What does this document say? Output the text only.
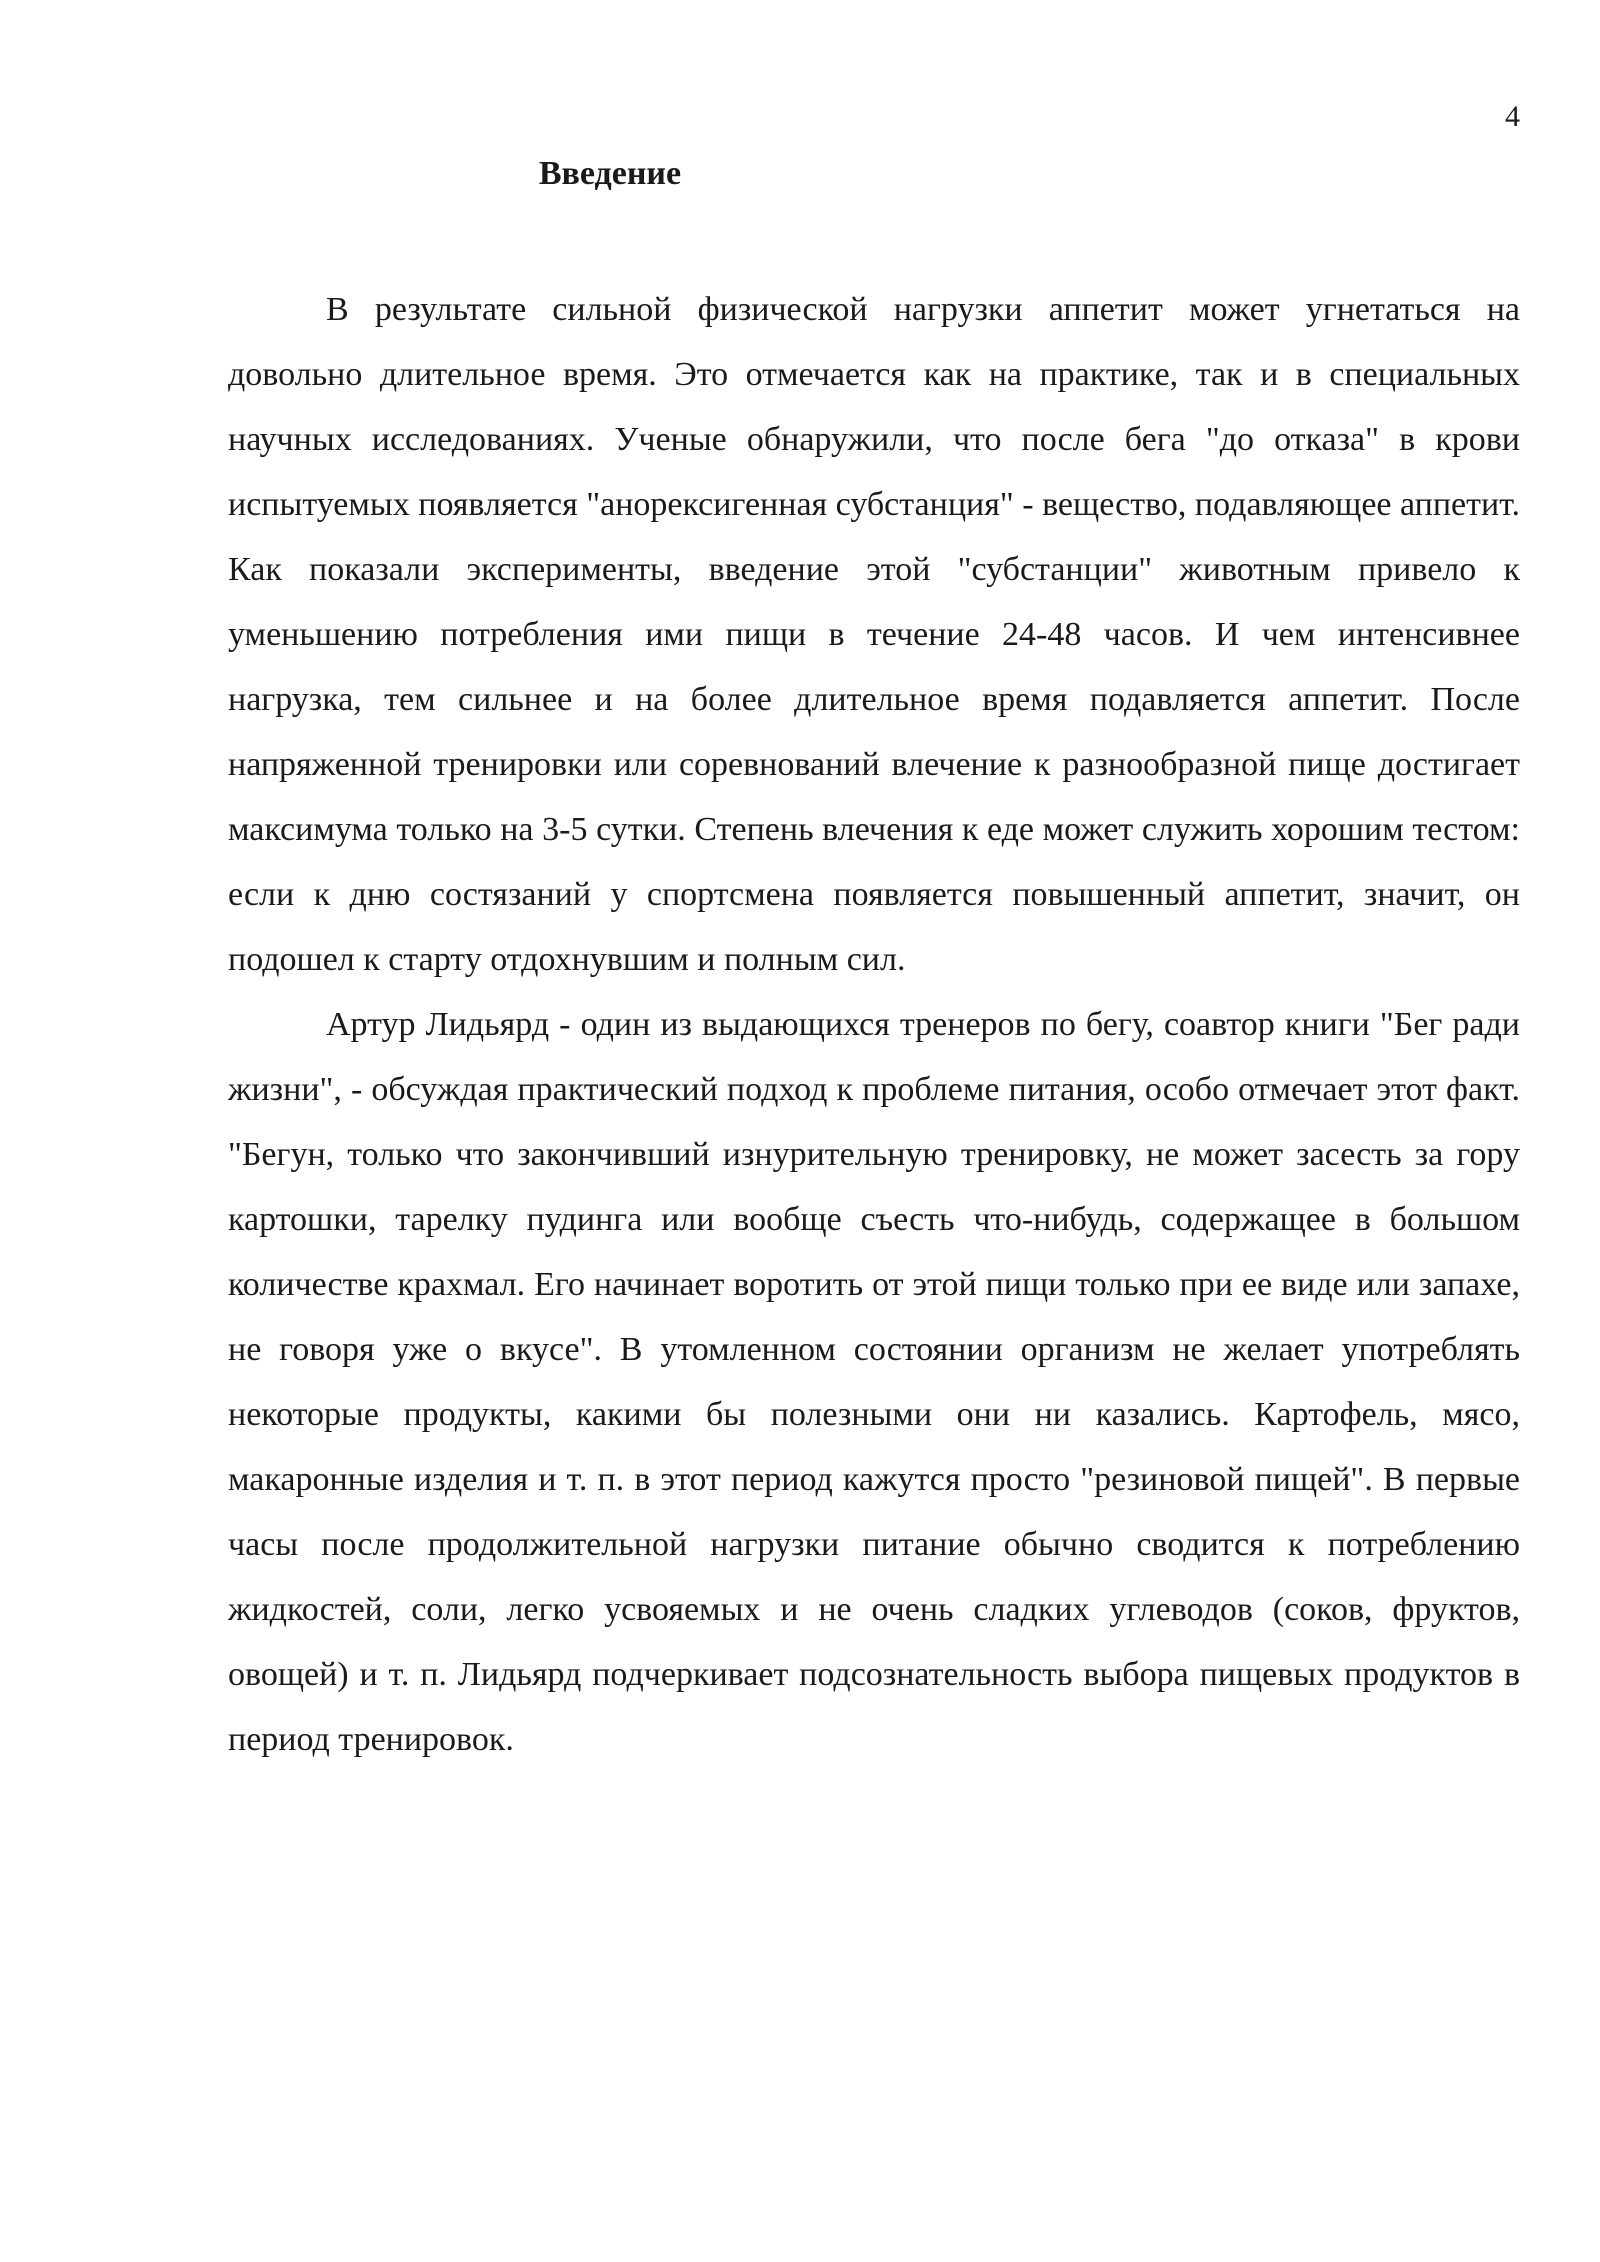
4
Введение

В результате сильной физической нагрузки аппетит может угнетаться на довольно длительное время. Это отмечается как на практике, так и в специальных научных исследованиях. Ученые обнаружили, что после бега "до отказа" в крови испытуемых появляется "анорексигенная субстанция" - вещество, подавляющее аппетит. Как показали эксперименты, введение этой "субстанции" животным привело к уменьшению потребления ими пищи в течение 24-48 часов. И чем интенсивнее нагрузка, тем сильнее и на более длительное время подавляется аппетит. После напряженной тренировки или соревнований влечение к разнообразной пище достигает максимума только на 3-5 сутки. Степень влечения к еде может служить хорошим тестом: если к дню состязаний у спортсмена появляется повышенный аппетит, значит, он подошел к старту отдохнувшим и полным сил.

Артур Лидьярд - один из выдающихся тренеров по бегу, соавтор книги "Бег ради жизни", - обсуждая практический подход к проблеме питания, особо отмечает этот факт. "Бегун, только что закончивший изнурительную тренировку, не может засесть за гору картошки, тарелку пудинга или вообще съесть что-нибудь, содержащее в большом количестве крахмал. Его начинает воротить от этой пищи только при ее виде или запахе, не говоря уже о вкусе". В утомленном состоянии организм не желает употреблять некоторые продукты, какими бы полезными они ни казались. Картофель, мясо, макаронные изделия и т. п. в этот период кажутся просто "резиновой пищей". В первые часы после продолжительной нагрузки питание обычно сводится к потреблению жидкостей, соли, легко усвояемых и не очень сладких углеводов (соков, фруктов, овощей) и т. п. Лидьярд подчеркивает подсознательность выбора пищевых продуктов в период тренировок.
